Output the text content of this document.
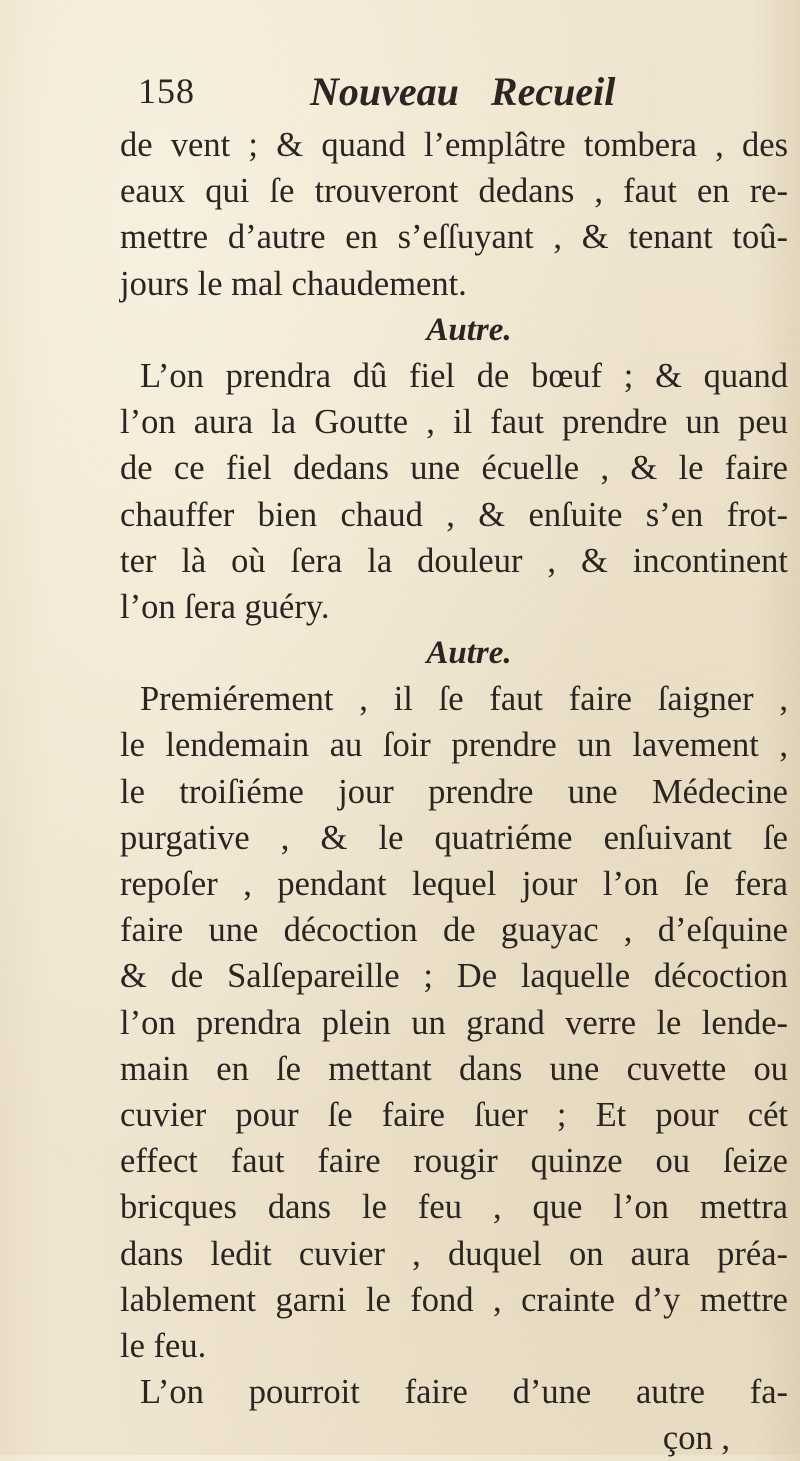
158	Nouveau Recueil
de vent ; & quand l’emplâtre tombera , des
eaux qui ſe trouveront dedans , faut en re-
mettre d’autre en s’eſſuyant , & tenant toû-
jours le mal chaudement.
Autre.
L’on prendra dû fiel de bœuf ; & quand
l’on aura la Goutte , il faut prendre un peu
de ce fiel dedans une écuelle , & le faire
chauffer bien chaud , & enſuite s’en frot-
ter là où ſera la douleur , & incontinent
l’on ſera guéry.
Autre.
Premiérement , il ſe faut faire ſaigner ,
le lendemain au ſoir prendre un lavement ,
le troiſiéme jour prendre une Médecine
purgative , & le quatriéme enſuivant ſe
repoſer , pendant lequel jour l’on ſe fera
faire une décoction de guayac , d’eſquine
& de Salſepareille ; De laquelle décoction
l’on prendra plein un grand verre le lende-
main en ſe mettant dans une cuvette ou
cuvier pour ſe faire ſuer ; Et pour cét
effect faut faire rougir quinze ou ſeize
bricques dans le feu , que l’on mettra
dans ledit cuvier , duquel on aura préa-
lablement garni le fond , crainte d’y mettre
le feu.
L’on pourroit faire d’une autre fa-
çon ,
